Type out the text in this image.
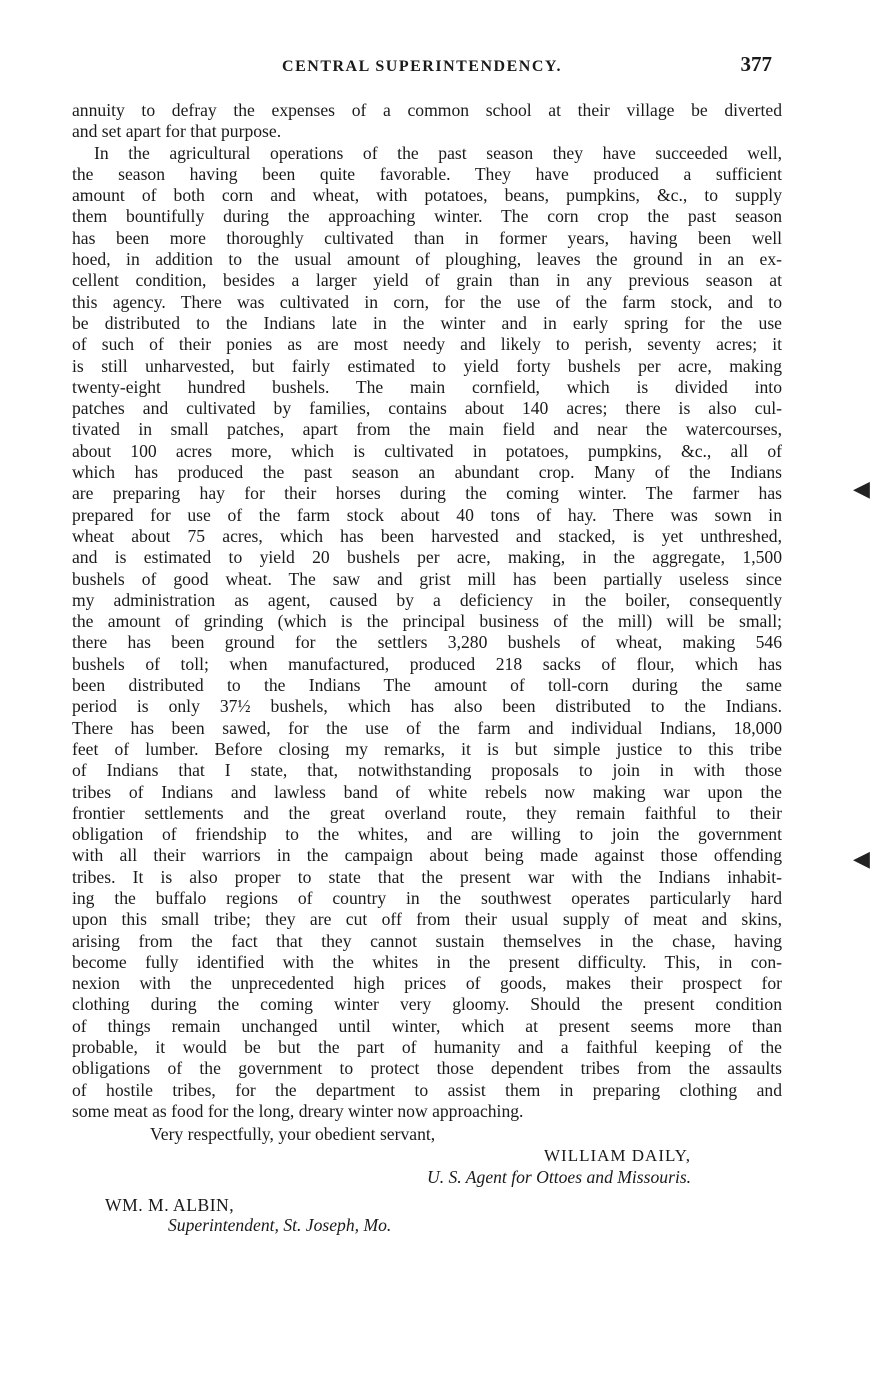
CENTRAL SUPERINTENDENCY.	377
annuity to defray the expenses of a common school at their village be diverted
and set apart for that purpose.
In the agricultural operations of the past season they have succeeded well,
the season having been quite favorable. They have produced a sufficient
amount of both corn and wheat, with potatoes, beans, pumpkins, &c., to supply
them bountifully during the approaching winter. The corn crop the past season
has been more thoroughly cultivated than in former years, having been well
hoed, in addition to the usual amount of ploughing, leaves the ground in an ex-
cellent condition, besides a larger yield of grain than in any previous season at
this agency. There was cultivated in corn, for the use of the farm stock, and to
be distributed to the Indians late in the winter and in early spring for the use
of such of their ponies as are most needy and likely to perish, seventy acres; it
is still unharvested, but fairly estimated to yield forty bushels per acre, making
twenty-eight hundred bushels. The main cornfield, which is divided into
patches and cultivated by families, contains about 140 acres; there is also cul-
tivated in small patches, apart from the main field and near the watercourses,
about 100 acres more, which is cultivated in potatoes, pumpkins, &c., all of
which has produced the past season an abundant crop. Many of the Indians
are preparing hay for their horses during the coming winter. The farmer has
prepared for use of the farm stock about 40 tons of hay. There was sown in
wheat about 75 acres, which has been harvested and stacked, is yet unthreshed,
and is estimated to yield 20 bushels per acre, making, in the aggregate, 1,500
bushels of good wheat. The saw and grist mill has been partially useless since
my administration as agent, caused by a deficiency in the boiler, consequently
the amount of grinding (which is the principal business of the mill) will be small;
there has been ground for the settlers 3,280 bushels of wheat, making 546
bushels of toll; when manufactured, produced 218 sacks of flour, which has
been distributed to the Indians The amount of toll-corn during the same
period is only 37½ bushels, which has also been distributed to the Indians.
There has been sawed, for the use of the farm and individual Indians, 18,000
feet of lumber. Before closing my remarks, it is but simple justice to this tribe
of Indians that I state, that, notwithstanding proposals to join in with those
tribes of Indians and lawless band of white rebels now making war upon the
frontier settlements and the great overland route, they remain faithful to their
obligation of friendship to the whites, and are willing to join the government
with all their warriors in the campaign about being made against those offending
tribes. It is also proper to state that the present war with the Indians inhabit-
ing the buffalo regions of country in the southwest operates particularly hard
upon this small tribe; they are cut off from their usual supply of meat and skins,
arising from the fact that they cannot sustain themselves in the chase, having
become fully identified with the whites in the present difficulty. This, in con-
nexion with the unprecedented high prices of goods, makes their prospect for
clothing during the coming winter very gloomy. Should the present condition
of things remain unchanged until winter, which at present seems more than
probable, it would be but the part of humanity and a faithful keeping of the
obligations of the government to protect those dependent tribes from the assaults
of hostile tribes, for the department to assist them in preparing clothing and
some meat as food for the long, dreary winter now approaching.
Very respectfully, your obedient servant,
WILLIAM DAILY,
U. S. Agent for Ottoes and Missouris.
WM. M. ALBIN,
Superintendent, St. Joseph, Mo.
◀
◀
